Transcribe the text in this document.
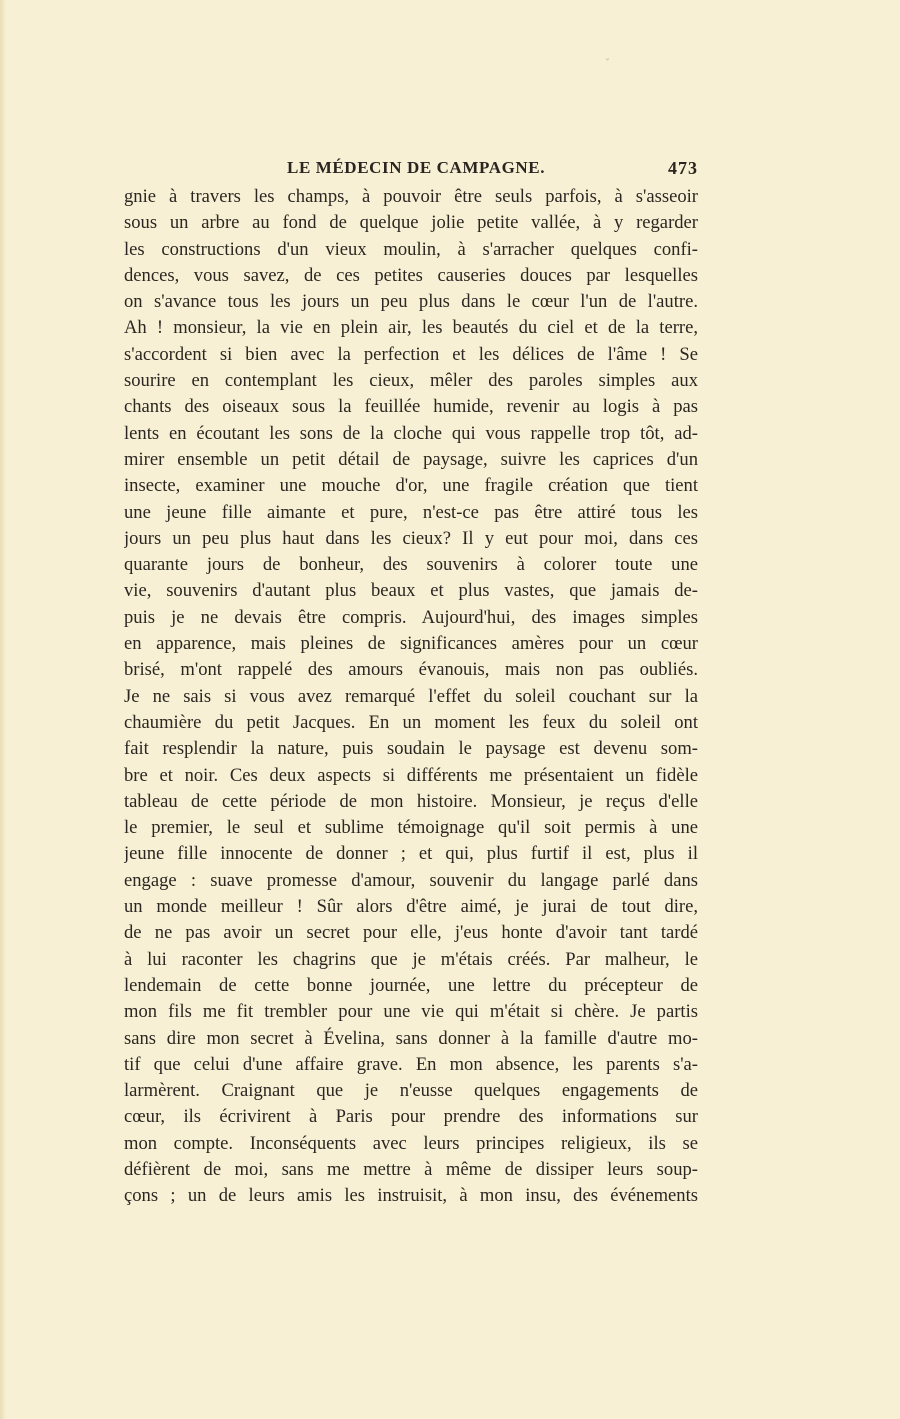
˅
LE MÉDECIN DE CAMPAGNE.	473
gnie à travers les champs, à pouvoir être seuls parfois, à s'asseoir
sous un arbre au fond de quelque jolie petite vallée, à y regarder
les constructions d'un vieux moulin, à s'arracher quelques confi-
dences, vous savez, de ces petites causeries douces par lesquelles
on s'avance tous les jours un peu plus dans le cœur l'un de l'autre.
Ah ! monsieur, la vie en plein air, les beautés du ciel et de la terre,
s'accordent si bien avec la perfection et les délices de l'âme ! Se
sourire en contemplant les cieux, mêler des paroles simples aux
chants des oiseaux sous la feuillée humide, revenir au logis à pas
lents en écoutant les sons de la cloche qui vous rappelle trop tôt, ad-
mirer ensemble un petit détail de paysage, suivre les caprices d'un
insecte, examiner une mouche d'or, une fragile création que tient
une jeune fille aimante et pure, n'est-ce pas être attiré tous les
jours un peu plus haut dans les cieux? Il y eut pour moi, dans ces
quarante jours de bonheur, des souvenirs à colorer toute une
vie, souvenirs d'autant plus beaux et plus vastes, que jamais de-
puis je ne devais être compris. Aujourd'hui, des images simples
en apparence, mais pleines de significances amères pour un cœur
brisé, m'ont rappelé des amours évanouis, mais non pas oubliés.
Je ne sais si vous avez remarqué l'effet du soleil couchant sur la
chaumière du petit Jacques. En un moment les feux du soleil ont
fait resplendir la nature, puis soudain le paysage est devenu som-
bre et noir. Ces deux aspects si différents me présentaient un fidèle
tableau de cette période de mon histoire. Monsieur, je reçus d'elle
le premier, le seul et sublime témoignage qu'il soit permis à une
jeune fille innocente de donner ; et qui, plus furtif il est, plus il
engage : suave promesse d'amour, souvenir du langage parlé dans
un monde meilleur ! Sûr alors d'être aimé, je jurai de tout dire,
de ne pas avoir un secret pour elle, j'eus honte d'avoir tant tardé
à lui raconter les chagrins que je m'étais créés. Par malheur, le
lendemain de cette bonne journée, une lettre du précepteur de
mon fils me fit trembler pour une vie qui m'était si chère. Je partis
sans dire mon secret à Évelina, sans donner à la famille d'autre mo-
tif que celui d'une affaire grave. En mon absence, les parents s'a-
larmèrent. Craignant que je n'eusse quelques engagements de
cœur, ils écrivirent à Paris pour prendre des informations sur
mon compte. Inconséquents avec leurs principes religieux, ils se
défièrent de moi, sans me mettre à même de dissiper leurs soup-
çons ; un de leurs amis les instruisit, à mon insu, des événements
